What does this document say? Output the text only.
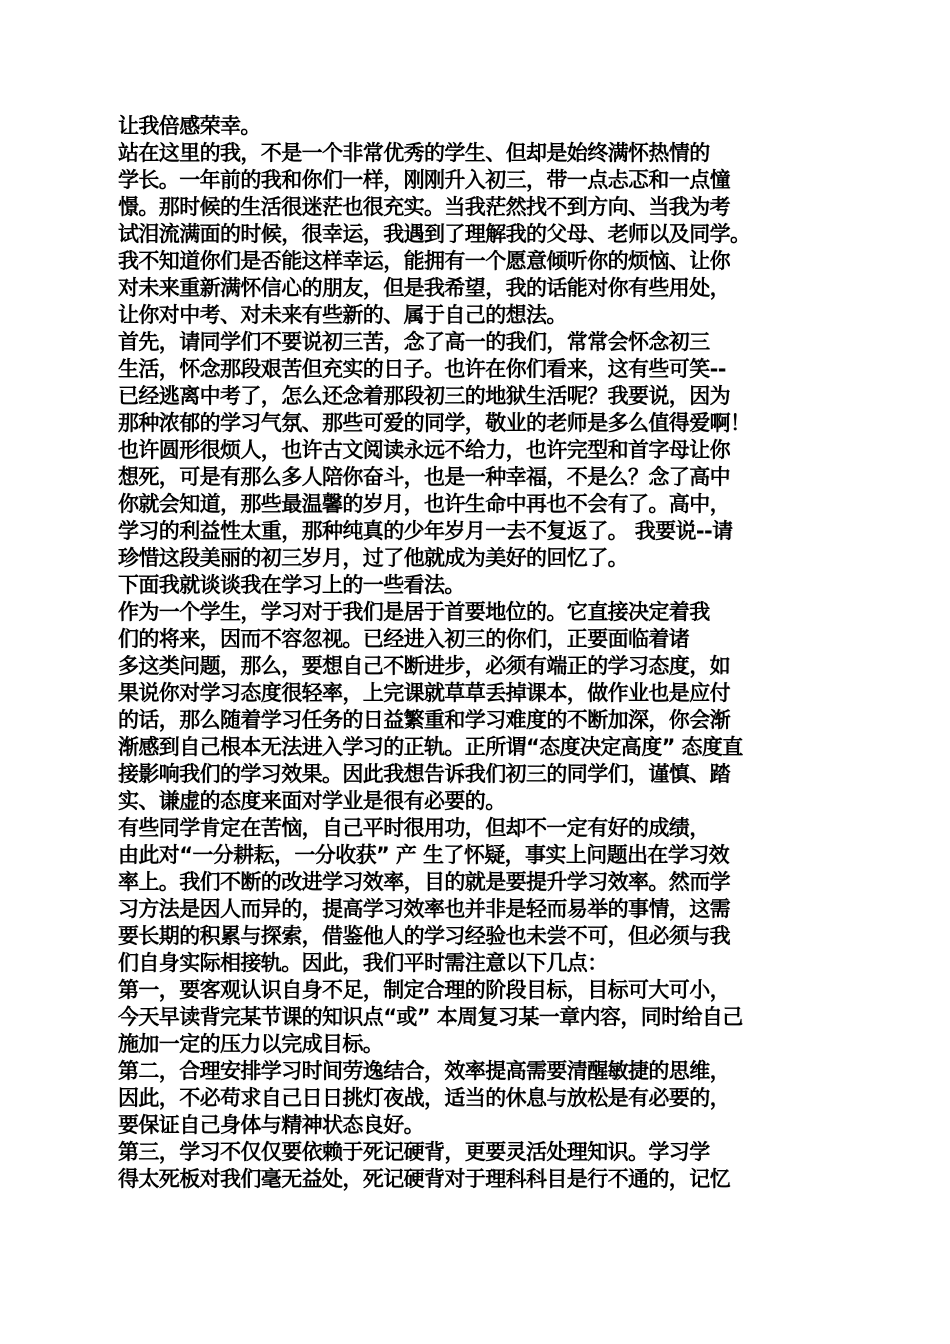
让我倍感荣幸。
站在这里的我，不是一个非常优秀的学生、但却是始终满怀热情的
学长。一年前的我和你们一样，刚刚升入初三，带一点忐忑和一点憧
憬。那时候的生活很迷茫也很充实。当我茫然找不到方向、当我为考
试泪流满面的时候，很幸运，我遇到了理解我的父母、老师以及同学。
我不知道你们是否能这样幸运，能拥有一个愿意倾听你的烦恼、让你
对未来重新满怀信心的朋友，但是我希望，我的话能对你有些用处，
让你对中考、对未来有些新的、属于自己的想法。
首先，请同学们不要说初三苦，念了高一的我们，常常会怀念初三
生活，怀念那段艰苦但充实的日子。也许在你们看来，这有些可笑--
已经逃离中考了，怎么还念着那段初三的地狱生活呢？我要说，因为
那种浓郁的学习气氛、那些可爱的同学，敬业的老师是多么值得爱啊！
也许圆形很烦人，也许古文阅读永远不给力，也许完型和首字母让你
想死，可是有那么多人陪你奋斗，也是一种幸福，不是么？念了高中
你就会知道，那些最温馨的岁月，也许生命中再也不会有了。高中，
学习的利益性太重，那种纯真的少年岁月一去不复返了。 我要说--请
珍惜这段美丽的初三岁月，过了他就成为美好的回忆了。
下面我就谈谈我在学习上的一些看法。
作为一个学生，学习对于我们是居于首要地位的。它直接决定着我
们的将来，因而不容忽视。已经进入初三的你们，正要面临着诸
多这类问题，那么，要想自己不断进步，必须有端正的学习态度，如
果说你对学习态度很轻率，上完课就草草丢掉课本，做作业也是应付
的话，那么随着学习任务的日益繁重和学习难度的不断加深，你会渐
渐感到自己根本无法进入学习的正轨。正所谓“态度决定高度” 态度直
接影响我们的学习效果。因此我想告诉我们初三的同学们，谨慎、踏
实、谦虚的态度来面对学业是很有必要的。
有些同学肯定在苦恼，自己平时很用功，但却不一定有好的成绩，
由此对“一分耕耘，一分收获” 产 生了怀疑，事实上问题出在学习效
率上。我们不断的改进学习效率，目的就是要提升学习效率。然而学
习方法是因人而异的，提高学习效率也并非是轻而易举的事情，这需
要长期的积累与探索，借鉴他人的学习经验也未尝不可，但必须与我
们自身实际相接轨。因此，我们平时需注意以下几点：
第一，要客观认识自身不足，制定合理的阶段目标，目标可大可小，
今天早读背完某节课的知识点“或” 本周复习某一章内容，同时给自己
施加一定的压力以完成目标。
第二，合理安排学习时间劳逸结合，效率提高需要清醒敏捷的思维，
因此，不必苟求自己日日挑灯夜战，适当的休息与放松是有必要的，
要保证自己身体与精神状态良好。
第三，学习不仅仅要依赖于死记硬背，更要灵活处理知识。学习学
得太死板对我们毫无益处，死记硬背对于理科科目是行不通的，记忆
